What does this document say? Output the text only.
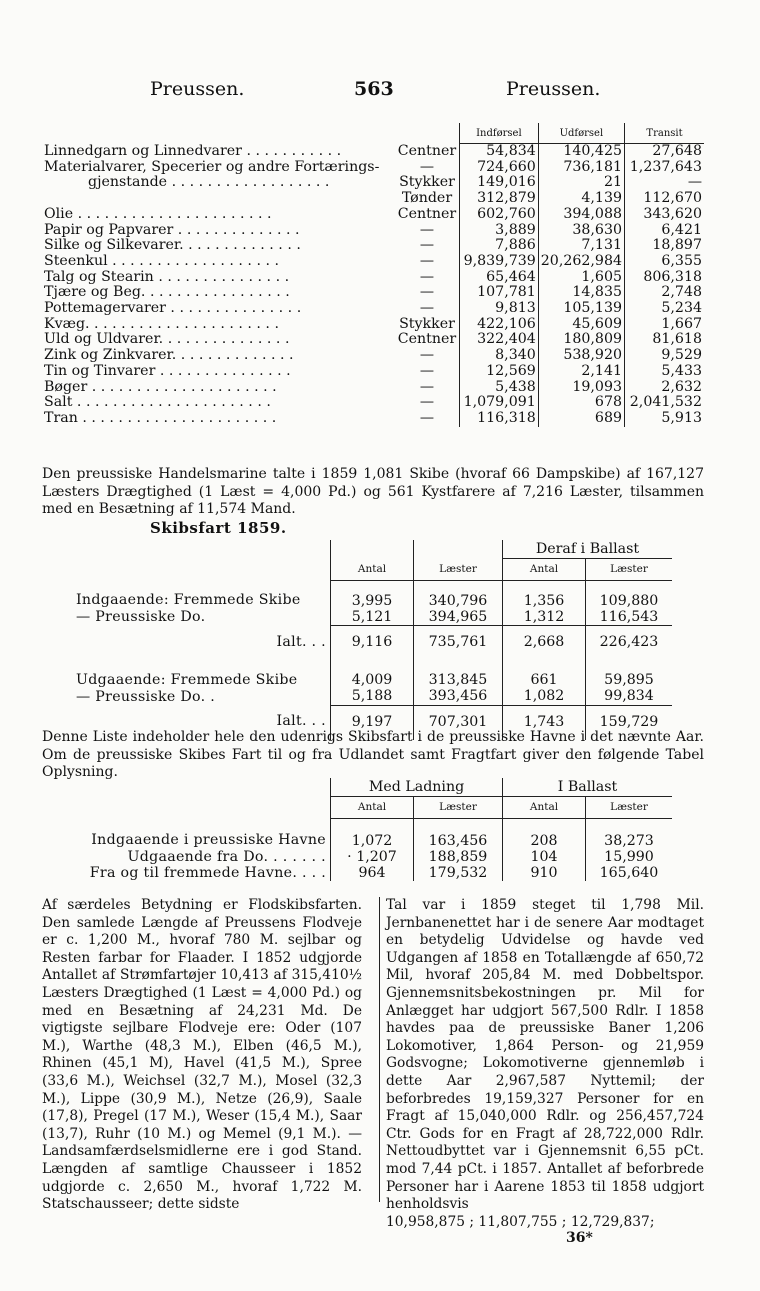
Preussen.	563	Preussen.
		Indførsel	Udførsel	Transit
Linnedgarn og Linnedvarer . . . . . . . . . . .	Centner	54,834	140,425	27,648
Materialvarer, Specerier og andre Fortærings-	—	724,660	736,181	1,237,643
gjenstande . . . . . . . . . . . . . . . . . .	Stykker	149,016	21	—
	Tønder	312,879	4,139	112,670
Olie . . . . . . . . . . . . . . . . . . . . . .	Centner	602,760	394,088	343,620
Papir og Papvarer . . . . . . . . . . . . . .	—	3,889	38,630	6,421
Silke og Silkevarer. . . . . . . . . . . . . .	—	7,886	7,131	18,897
Steenkul . . . . . . . . . . . . . . . . . . .	—	9,839,739	20,262,984	6,355
Talg og Stearin . . . . . . . . . . . . . . .	—	65,464	1,605	806,318
Tjære og Beg. . . . . . . . . . . . . . . . .	—	107,781	14,835	2,748
Pottemagervarer . . . . . . . . . . . . . . .	—	9,813	105,139	5,234
Kvæg. . . . . . . . . . . . . . . . . . . . . .	Stykker	422,106	45,609	1,667
Uld og Uldvarer. . . . . . . . . . . . . . .	Centner	322,404	180,809	81,618
Zink og Zinkvarer. . . . . . . . . . . . . .	—	8,340	538,920	9,529
Tin og Tinvarer . . . . . . . . . . . . . . .	—	12,569	2,141	5,433
Bøger . . . . . . . . . . . . . . . . . . . . .	—	5,438	19,093	2,632
Salt . . . . . . . . . . . . . . . . . . . . . .	—	1,079,091	678	2,041,532
Tran . . . . . . . . . . . . . . . . . . . . . .	—	116,318	689	5,913
Den preussiske Handelsmarine talte i 1859 1,081 Skibe (hvoraf 66 Dampskibe) af 167,127 Læsters Drægtighed (1 Læst = 4,000 Pd.) og 561 Kystfarere af 7,216 Læster, tilsammen med en Besætning af 11,574 Mand.
Skibsfart 1859.
			Deraf i Ballast	
	Antal	Læster	Antal	Læster
Indgaaende: Fremmede Skibe	3,995	340,796	1,356	109,880
— Preussiske Do.	5,121	394,965	1,312	116,543
Ialt. . .	9,116	735,761	2,668	226,423
Udgaaende: Fremmede Skibe	4,009	313,845	661	59,895
— Preussiske Do. .	5,188	393,456	1,082	99,834
Ialt. . .	9,197	707,301	1,743	159,729
Denne Liste indeholder hele den udenrigs Skibsfart i de preussiske Havne i det nævnte Aar. Om de preussiske Skibes Fart til og fra Udlandet samt Fragtfart giver den følgende Tabel Oplysning.
	Med Ladning		I Ballast	
	Antal	Læster	Antal	Læster
Indgaaende i preussiske Havne	1,072	163,456	208	38,273
Udgaaende fra Do. . . . . . .	· 1,207	188,859	104	15,990
Fra og til fremmede Havne. . . .	964	179,532	910	165,640
Af særdeles Betydning er Flodskibsfarten. Den samlede Længde af Preussens Flodveje er c. 1,200 M., hvoraf 780 M. sejlbar og Resten farbar for Flaader. I 1852 udgjorde Antallet af Strømfartøjer 10,413 af 315,410½ Læsters Drægtighed (1 Læst = 4,000 Pd.) og med en Besætning af 24,231 Md. De vigtigste sejlbare Flodveje ere: Oder (107 M.), Warthe (48,3 M.), Elben (46,5 M.), Rhinen (45,1 M), Havel (41,5 M.), Spree (33,6 M.), Weichsel (32,7 M.), Mosel (32,3 M.), Lippe (30,9 M.), Netze (26,9), Saale (17,8), Pregel (17 M.), Weser (15,4 M.), Saar (13,7), Ruhr (10 M.) og Memel (9,1 M.). — Landsamfærdselsmidlerne ere i god Stand. Længden af samtlige Chausseer i 1852 udgjorde c. 2,650 M., hvoraf 1,722 M. Statschausseer; dette sidste
Tal var i 1859 steget til 1,798 Mil. Jernbanenettet har i de senere Aar modtaget en betydelig Udvidelse og havde ved Udgangen af 1858 en Totallængde af 650,72 Mil, hvoraf 205,84 M. med Dobbeltspor. Gjennemsnitsbekostningen pr. Mil for Anlægget har udgjort 567,500 Rdlr. I 1858 havdes paa de preussiske Baner 1,206 Lokomotiver, 1,864 Person- og 21,959 Godsvogne; Lokomotiverne gjennemløb i dette Aar 2,967,587 Nyttemil; der beforbredes 19,159,327 Personer for en Fragt af 15,040,000 Rdlr. og 256,457,724 Ctr. Gods for en Fragt af 28,722,000 Rdlr. Nettoudbyttet var i Gjennemsnit 6,55 pCt. mod 7,44 pCt. i 1857. Antallet af beforbrede Personer har i Aarene 1853 til 1858 udgjort henholdsvis
10,958,875 ; 11,807,755 ; 12,729,837;
36*
